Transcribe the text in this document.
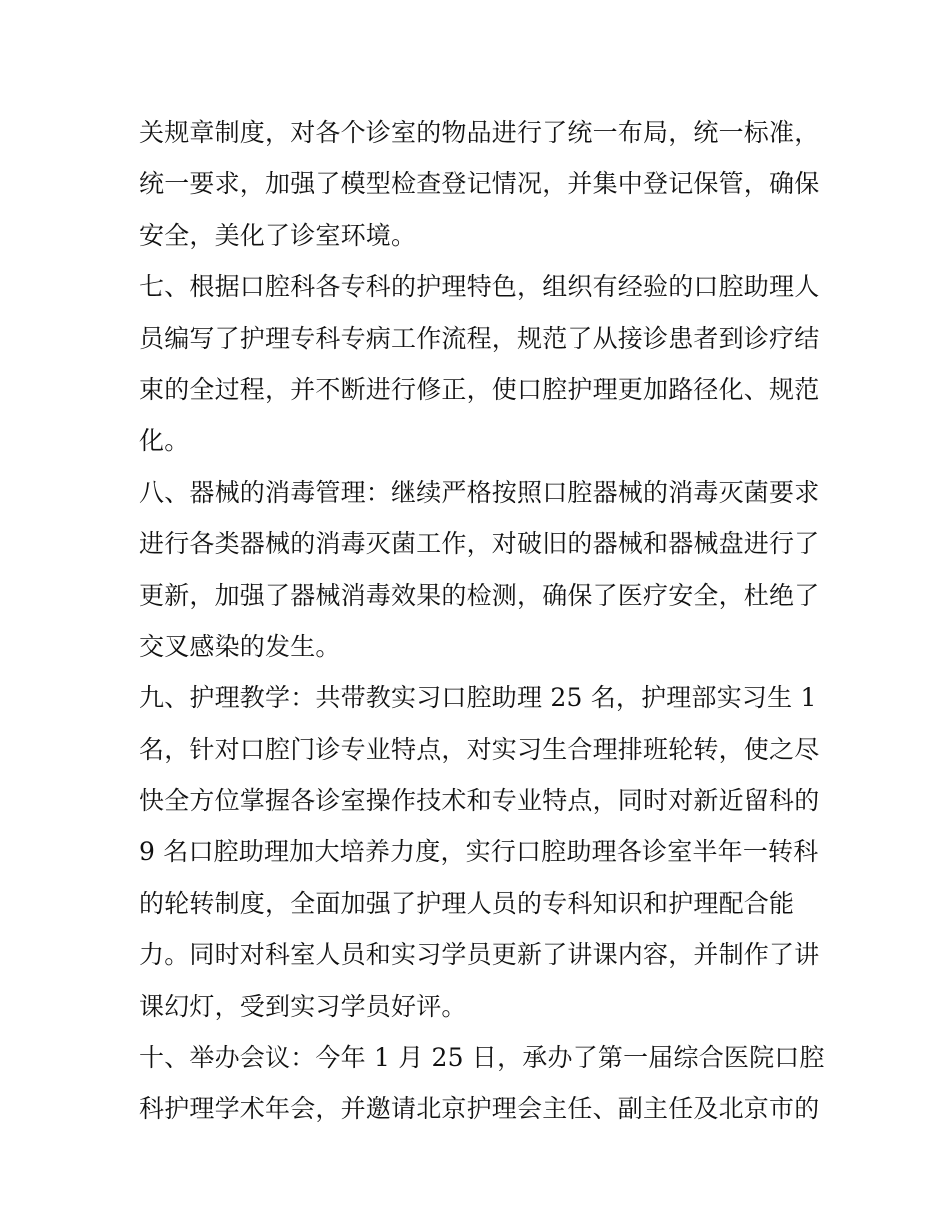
关规章制度，对各个诊室的物品进行了统一布局，统一标准，
统一要求，加强了模型检查登记情况，并集中登记保管，确保
安全，美化了诊室环境。
七、根据口腔科各专科的护理特色，组织有经验的口腔助理人
员编写了护理专科专病工作流程，规范了从接诊患者到诊疗结
束的全过程，并不断进行修正，使口腔护理更加路径化、规范
化。
八、器械的消毒管理：继续严格按照口腔器械的消毒灭菌要求
进行各类器械的消毒灭菌工作，对破旧的器械和器械盘进行了
更新，加强了器械消毒效果的检测，确保了医疗安全，杜绝了
交叉感染的发生。
九、护理教学：共带教实习口腔助理 25 名，护理部实习生 1
名，针对口腔门诊专业特点，对实习生合理排班轮转，使之尽
快全方位掌握各诊室操作技术和专业特点，同时对新近留科的
9 名口腔助理加大培养力度，实行口腔助理各诊室半年一转科
的轮转制度，全面加强了护理人员的专科知识和护理配合能
力。同时对科室人员和实习学员更新了讲课内容，并制作了讲
课幻灯，受到实习学员好评。
十、举办会议：今年 1 月 25 日，承办了第一届综合医院口腔
科护理学术年会，并邀请北京护理会主任、副主任及北京市的
